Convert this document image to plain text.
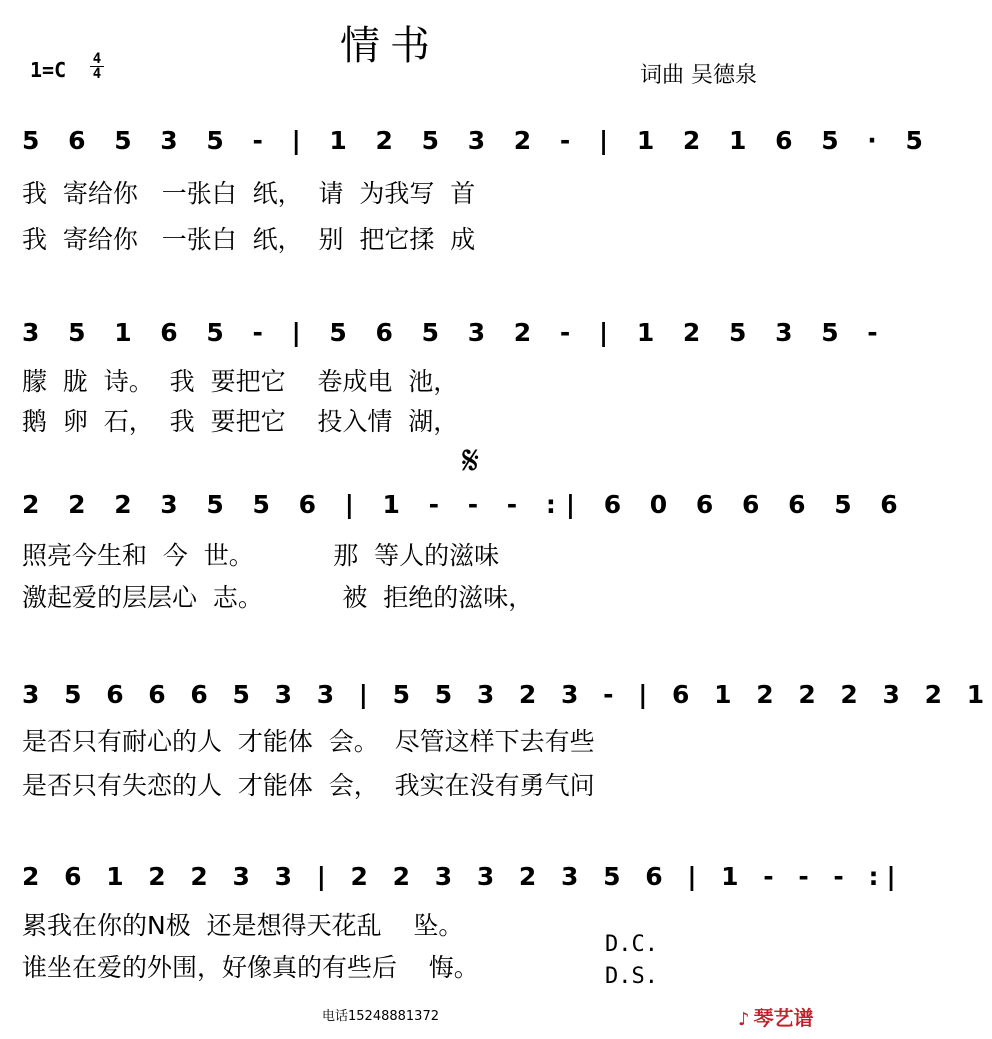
情书
1=C 4
4	词曲 吴德泉
5 6 5 3 5 - | 1 2 5 3 2 - | 1 2 1 6 5 · 5
我  寄给你   一张白  纸，  请  为我写  首
我  寄给你   一张白  纸，  别  把它揉  成
3 5 1 6 5 - | 5 6 5 3 2 - | 1 2 5 3 5 -
朦  胧  诗。  我  要把它    卷成电  池，
鹅  卵  石，  我  要把它    投入情  湖，
𝄋
2 2 2 3 5 5 6 | 1 - - - :| 6 0 6 6 6 5 6
照亮今生和  今  世。          那  等人的滋味
激起爱的层层心  志。          被  拒绝的滋味，
3 5 6 6 6 5 3 3 | 5 5 3 2 3 - | 6 1 2 2 2 3 2 1
是否只有耐心的人  才能体  会。  尽管这样下去有些
是否只有失恋的人  才能体  会，  我实在没有勇气问
2 6 1 2 2 3 3 | 2 2 3 3 2 3 5 6 | 1 - - - :|
累我在你的N极  还是想得天花乱    坠。
谁坐在爱的外围，好像真的有些后    悔。
D.C.
D.S.
电话15248881372	♪ 琴艺谱
